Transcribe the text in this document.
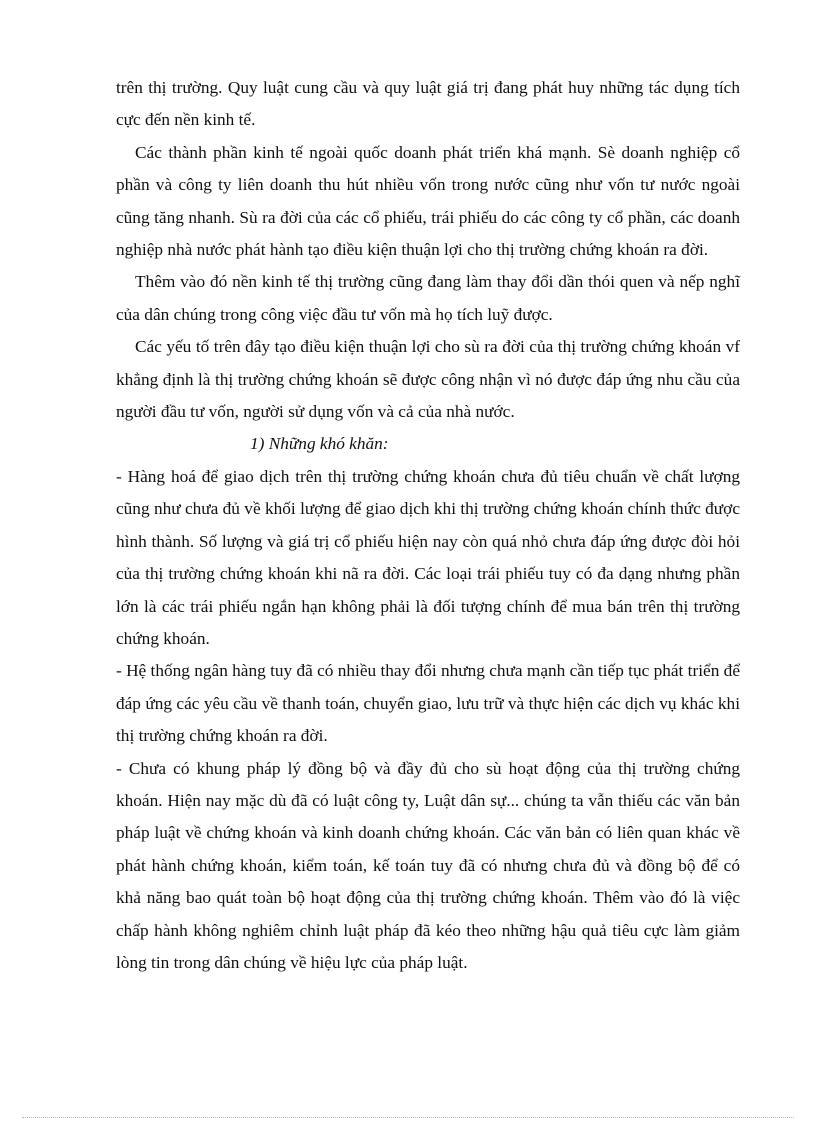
trên thị trường. Quy luật cung cầu và quy luật giá trị đang phát huy những tác dụng tích cực đến nền kinh tế.

Các thành phần kinh tế ngoài quốc doanh phát triển khá mạnh. Sè doanh nghiệp cổ phần và công ty liên doanh thu hút nhiều vốn trong nước cũng như vốn tư nước ngoài cũng tăng nhanh. Sù ra đời của các cổ phiếu, trái phiếu do các công ty cổ phần, các doanh nghiệp nhà nước phát hành tạo điều kiện thuận lợi cho thị trường chứng khoán ra đời.

Thêm vào đó nền kinh tế thị trường cũng đang làm thay đổi dần thói quen và nếp nghĩ của dân chúng trong công việc đầu tư vốn mà họ tích luỹ được.

Các yếu tố trên đây tạo điều kiện thuận lợi cho sù ra đời của thị trường chứng khoán vf khẳng định là thị trường chứng khoán sẽ được công nhận vì nó được đáp ứng nhu cầu của người đầu tư vốn, người sử dụng vốn và cả của nhà nước.

1) Những khó khăn:

- Hàng hoá để giao dịch trên thị trường chứng khoán chưa đủ tiêu chuẩn về chất lượng cũng như chưa đủ về khối lượng để giao dịch khi thị trường chứng khoán chính thức được hình thành. Số lượng và giá trị cổ phiếu hiện nay còn quá nhỏ chưa đáp ứng được đòi hỏi của thị trường chứng khoán khi nã ra đời. Các loại trái phiếu tuy có đa dạng nhưng phần lớn là các trái phiếu ngắn hạn không phải là đối tượng chính để mua bán trên thị trường chứng khoán.

- Hệ thống ngân hàng tuy đã có nhiều thay đổi nhưng chưa mạnh cần tiếp tục phát triển để đáp ứng các yêu cầu về thanh toán, chuyển giao, lưu trữ và thực hiện các dịch vụ khác khi thị trường chứng khoán ra đời.

- Chưa có khung pháp lý đồng bộ và đầy đủ cho sù hoạt động của thị trường chứng khoán. Hiện nay mặc dù đã có luật công ty, Luật dân sự... chúng ta vẫn thiếu các văn bản pháp luật về chứng khoán và kinh doanh chứng khoán. Các văn bản có liên quan khác về phát hành chứng khoán, kiểm toán, kế toán tuy đã có nhưng chưa đủ và đồng bộ để có khả năng bao quát toàn bộ hoạt động của thị trường chứng khoán. Thêm vào đó là việc chấp hành không nghiêm chỉnh luật pháp đã kéo theo những hậu quả tiêu cực làm giảm lòng tin trong dân chúng về hiệu lực của pháp luật.
